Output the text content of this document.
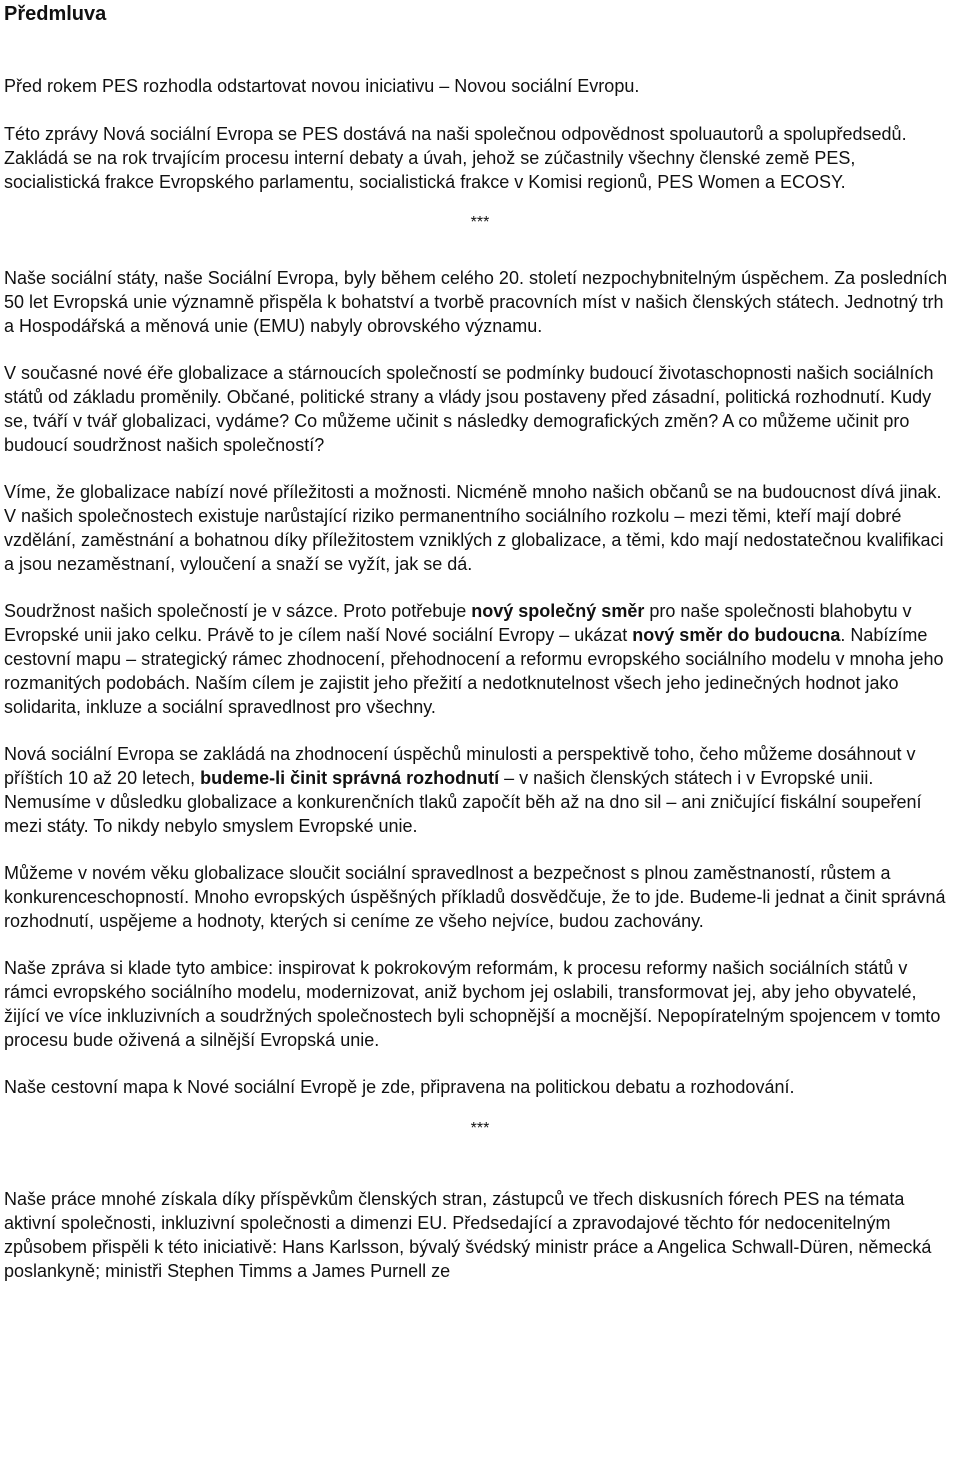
Předmluva

Před rokem PES rozhodla odstartovat novou iniciativu – Novou sociální Evropu.

Této zprávy Nová sociální Evropa se PES dostává na naši společnou odpovědnost spoluautorů a spolupředsedů. Zakládá se na rok trvajícím procesu interní debaty a úvah, jehož se zúčastnily všechny členské země PES, socialistická frakce Evropského parlamentu, socialistická frakce v Komisi regionů, PES Women a ECOSY.

***

Naše sociální státy, naše Sociální Evropa, byly během celého 20. století nezpochybnitelným úspěchem. Za posledních 50 let Evropská unie významně přispěla k bohatství a tvorbě pracovních míst v našich členských státech. Jednotný trh a Hospodářská a měnová unie (EMU) nabyly obrovského významu.

V současné nové éře globalizace a stárnoucích společností se podmínky budoucí životaschopnosti našich sociálních států od základu proměnily. Občané, politické strany a vlády jsou postaveny před zásadní, politická rozhodnutí. Kudy se, tváří v tvář globalizaci, vydáme? Co můžeme učinit s následky demografických změn? A co můžeme učinit pro budoucí soudržnost našich společností?

Víme, že globalizace nabízí nové příležitosti a možnosti. Nicméně mnoho našich občanů se na budoucnost dívá jinak. V našich společnostech existuje narůstající riziko permanentního sociálního rozkolu – mezi těmi, kteří mají dobré vzdělání, zaměstnání a bohatnou díky příležitostem vzniklých z globalizace, a těmi, kdo mají nedostatečnou kvalifikaci a jsou nezaměstnaní, vyloučení a snaží se vyžít, jak se dá.

Soudržnost našich společností je v sázce. Proto potřebuje nový společný směr pro naše společnosti blahobytu v Evropské unii jako celku. Právě to je cílem naší Nové sociální Evropy – ukázat nový směr do budoucna. Nabízíme cestovní mapu – strategický rámec zhodnocení, přehodnocení a reformu evropského sociálního modelu v mnoha jeho rozmanitých podobách. Naším cílem je zajistit jeho přežití a nedotknutelnost všech jeho jedinečných hodnot jako solidarita, inkluze a sociální spravedlnost pro všechny.

Nová sociální Evropa se zakládá na zhodnocení úspěchů minulosti a perspektivě toho, čeho můžeme dosáhnout v příštích 10 až 20 letech, budeme-li činit správná rozhodnutí – v našich členských státech i v Evropské unii. Nemusíme v důsledku globalizace a konkurenčních tlaků započít běh až na dno sil – ani zničující fiskální soupeření mezi státy. To nikdy nebylo smyslem Evropské unie.

Můžeme v novém věku globalizace sloučit sociální spravedlnost a bezpečnost s plnou zaměstnaností, růstem a konkurenceschopností. Mnoho evropských úspěšných příkladů dosvědčuje, že to jde. Budeme-li jednat a činit správná rozhodnutí, uspějeme a hodnoty, kterých si ceníme ze všeho nejvíce, budou zachovány.

Naše zpráva si klade tyto ambice: inspirovat k pokrokovým reformám, k procesu reformy našich sociálních států v rámci evropského sociálního modelu, modernizovat, aniž bychom jej oslabili, transformovat jej, aby jeho obyvatelé, žijící ve více inkluzivních a soudržných společnostech byli schopnější a mocnější. Nepopíratelným spojencem v tomto procesu bude oživená a silnější Evropská unie.

Naše cestovní mapa k Nové sociální Evropě je zde, připravena na politickou debatu a rozhodování.

***

Naše práce mnohé získala díky příspěvkům členských stran, zástupců ve třech diskusních fórech PES na témata aktivní společnosti, inkluzivní společnosti a dimenzi EU. Předsedající a zpravodajové těchto fór nedocenitelným způsobem přispěli k této iniciativě: Hans Karlsson, bývalý švédský ministr práce a Angelica Schwall-Düren, německá poslankyně; ministři Stephen Timms a James Purnell ze
